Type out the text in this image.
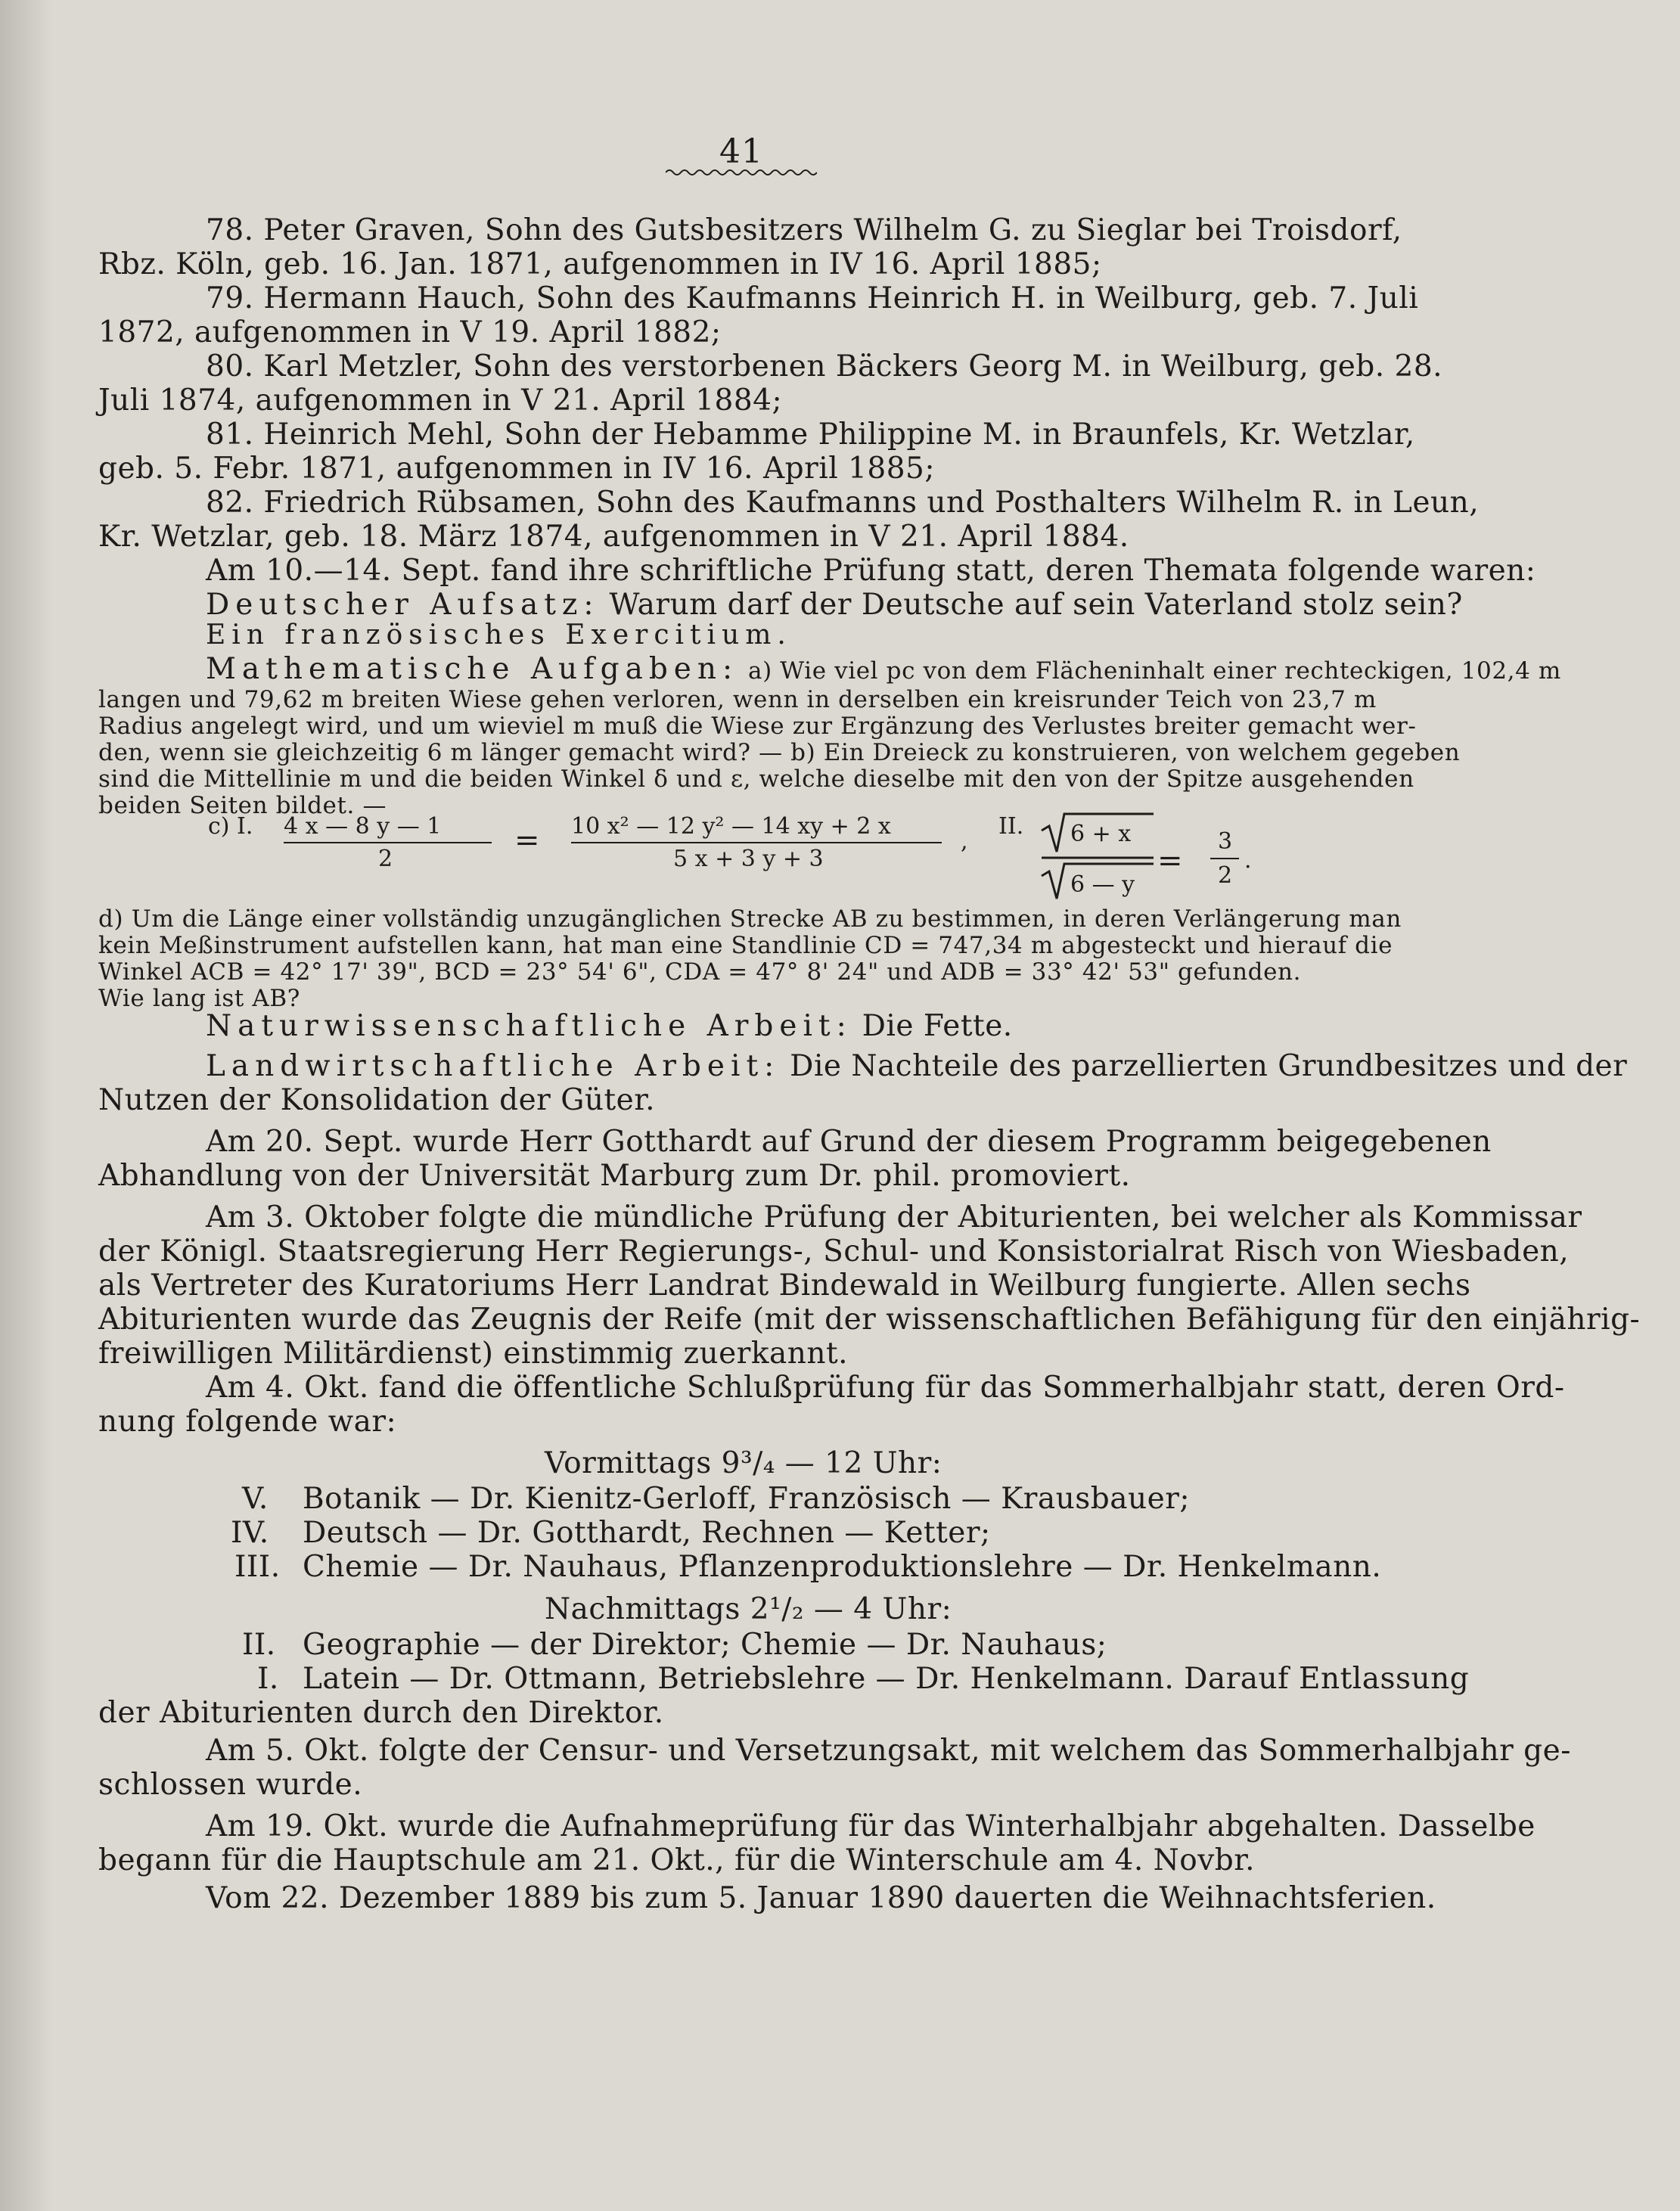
41
78. Peter Graven, Sohn des Gutsbesitzers Wilhelm G. zu Sieglar bei Troisdorf,
Rbz. Köln, geb. 16. Jan. 1871, aufgenommen in IV 16. April 1885;
79. Hermann Hauch, Sohn des Kaufmanns Heinrich H. in Weilburg, geb. 7. Juli
1872, aufgenommen in V 19. April 1882;
80. Karl Metzler, Sohn des verstorbenen Bäckers Georg M. in Weilburg, geb. 28.
Juli 1874, aufgenommen in V 21. April 1884;
81. Heinrich Mehl, Sohn der Hebamme Philippine M. in Braunfels, Kr. Wetzlar,
geb. 5. Febr. 1871, aufgenommen in IV 16. April 1885;
82. Friedrich Rübsamen, Sohn des Kaufmanns und Posthalters Wilhelm R. in Leun,
Kr. Wetzlar, geb. 18. März 1874, aufgenommen in V 21. April 1884.
Am 10.—14. Sept. fand ihre schriftliche Prüfung statt, deren Themata folgende waren:
Deutscher Aufsatz: Warum darf der Deutsche auf sein Vaterland stolz sein?
Ein französisches Exercitium.
Mathematische Aufgaben: a) Wie viel pc von dem Flächeninhalt einer rechteckigen, 102,4 m
langen und 79,62 m breiten Wiese gehen verloren, wenn in derselben ein kreisrunder Teich von 23,7 m
Radius angelegt wird, und um wieviel m muß die Wiese zur Ergänzung des Verlustes breiter gemacht wer-
den, wenn sie gleichzeitig 6 m länger gemacht wird? — b) Ein Dreieck zu konstruieren, von welchem gegeben
sind die Mittellinie m und die beiden Winkel δ und ε, welche dieselbe mit den von der Spitze ausgehenden
beiden Seiten bildet. —
c) I. 4 x — 8 y — 1
2
= 10 x² — 12 y² — 14 xy + 2 x
5 x + 3 y + 3
,
II. 6 + x
6 — y
=
3
2
.
d) Um die Länge einer vollständig unzugänglichen Strecke AB zu bestimmen, in deren Verlängerung man
kein Meßinstrument aufstellen kann, hat man eine Standlinie CD = 747,34 m abgesteckt und hierauf die
Winkel ACB = 42° 17' 39", BCD = 23° 54' 6", CDA = 47° 8' 24" und ADB = 33° 42' 53" gefunden.
Wie lang ist AB?
Naturwissenschaftliche Arbeit: Die Fette.
Landwirtschaftliche Arbeit: Die Nachteile des parzellierten Grundbesitzes und der
Nutzen der Konsolidation der Güter.
Am 20. Sept. wurde Herr Gotthardt auf Grund der diesem Programm beigegebenen
Abhandlung von der Universität Marburg zum Dr. phil. promoviert.
Am 3. Oktober folgte die mündliche Prüfung der Abiturienten, bei welcher als Kommissar
der Königl. Staatsregierung Herr Regierungs-, Schul- und Konsistorialrat Risch von Wiesbaden,
als Vertreter des Kuratoriums Herr Landrat Bindewald in Weilburg fungierte. Allen sechs
Abiturienten wurde das Zeugnis der Reife (mit der wissenschaftlichen Befähigung für den einjährig-
freiwilligen Militärdienst) einstimmig zuerkannt.
Am 4. Okt. fand die öffentliche Schlußprüfung für das Sommerhalbjahr statt, deren Ord-
nung folgende war:
Vormittags 9³/₄ — 12 Uhr:
V. Botanik — Dr. Kienitz-Gerloff, Französisch — Krausbauer;
IV. Deutsch — Dr. Gotthardt, Rechnen — Ketter;
III. Chemie — Dr. Nauhaus, Pflanzenproduktionslehre — Dr. Henkelmann.
Nachmittags 2¹/₂ — 4 Uhr:
II. Geographie — der Direktor; Chemie — Dr. Nauhaus;
I. Latein — Dr. Ottmann, Betriebslehre — Dr. Henkelmann. Darauf Entlassung
der Abiturienten durch den Direktor.
Am 5. Okt. folgte der Censur- und Versetzungsakt, mit welchem das Sommerhalbjahr ge-
schlossen wurde.
Am 19. Okt. wurde die Aufnahmeprüfung für das Winterhalbjahr abgehalten. Dasselbe
begann für die Hauptschule am 21. Okt., für die Winterschule am 4. Novbr.
Vom 22. Dezember 1889 bis zum 5. Januar 1890 dauerten die Weihnachtsferien.
